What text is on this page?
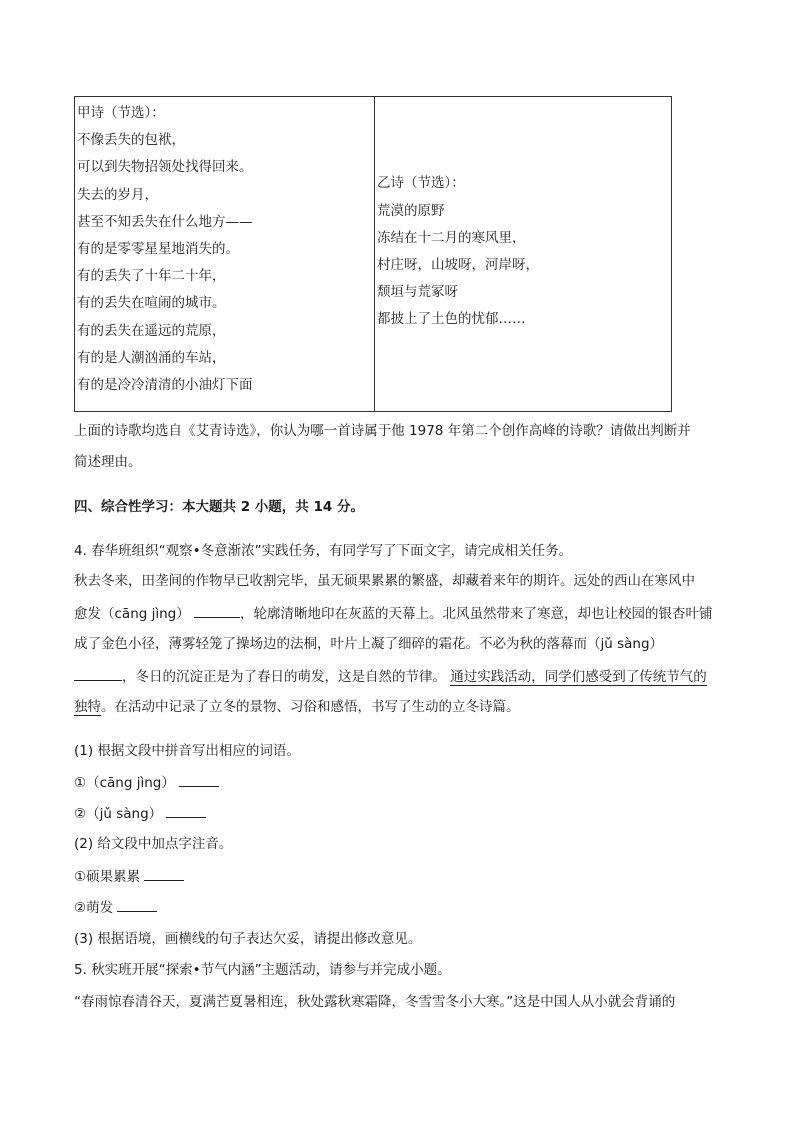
甲诗（节选）：
不像丢失的包袱，
可以到失物招领处找得回来。
失去的岁月，
甚至不知丢失在什么地方——
有的是零零星星地消失的。
有的丢失了十年二十年，
有的丢失在喧闹的城市。
有的丢失在遥远的荒原，
有的是人潮汹涌的车站，
有的是冷冷清清的小油灯下面
乙诗（节选）：
荒漠的原野
冻结在十二月的寒风里，
村庄呀，山坡呀，河岸呀，
颓垣与荒冢呀
都披上了土色的忧郁……
上面的诗歌均选自《艾青诗选》，你认为哪一首诗属于他 1978 年第二个创作高峰的诗歌？请做出判断并
简述理由。
四、综合性学习：本大题共 2 小题，共 14 分。
4. 春华班组织“观察•冬意渐浓”实践任务，有同学写了下面文字，请完成相关任务。
秋去冬来，田垄间的作物早已收割完毕，虽无硕果累累的繁盛，却藏着来年的期许。远处的西山在寒风中
愈发（cāng jìng）	，轮廓清晰地印在灰蓝的天幕上。北风虽然带来了寒意，却也让校园的银杏叶铺
成了金色小径，薄雾轻笼了操场边的法桐，叶片上凝了细碎的霜花。不必为秋的落幕而（jǔ sàng）
，冬日的沉淀正是为了春日的萌发，这是自然的节律。 通过实践活动，同学们感受到了传统节气的
独特。在活动中记录了立冬的景物、习俗和感悟，书写了生动的立冬诗篇。
(1) 根据文段中拼音写出相应的词语。
①（cāng jìng）
②（jǔ sàng）
(2) 给文段中加点字注音。
①硕果累累
②萌发
(3) 根据语境，画横线的句子表达欠妥，请提出修改意见。
5. 秋实班开展“探索•节气内涵”主题活动，请参与并完成小题。
“春雨惊春清谷天，夏满芒夏暑相连，秋处露秋寒霜降，冬雪雪冬小大寒。”这是中国人从小就会背诵的
